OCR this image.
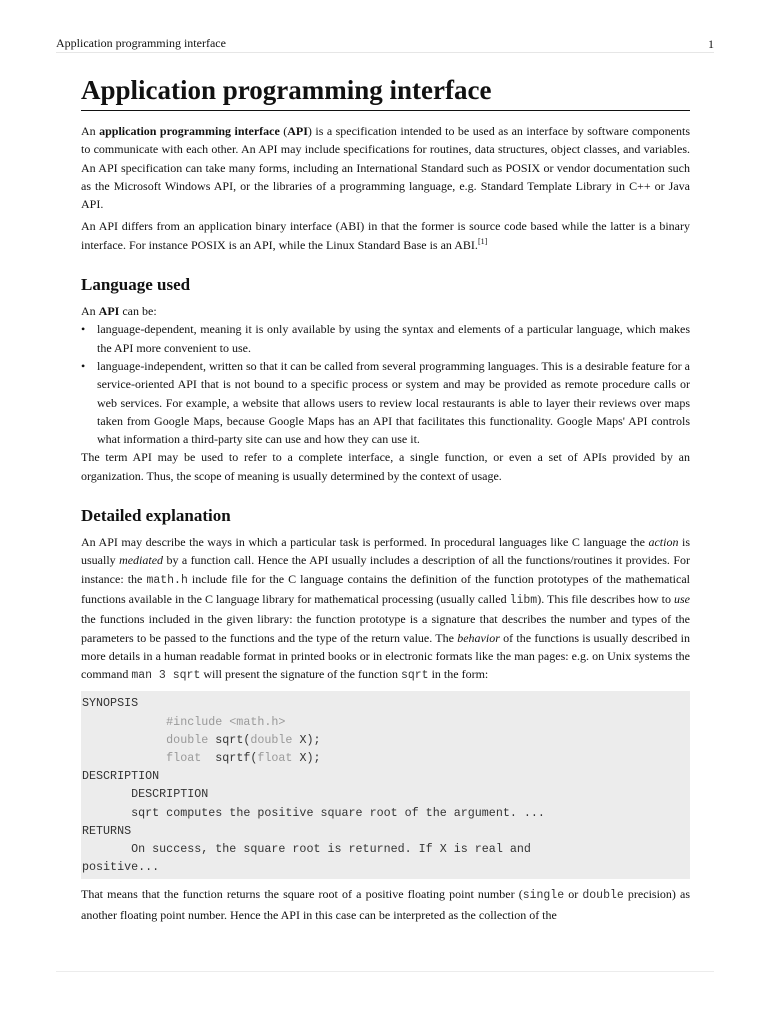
Application programming interface	1
Application programming interface

An application programming interface (API) is a specification intended to be used as an interface by software components to communicate with each other. An API may include specifications for routines, data structures, object classes, and variables. An API specification can take many forms, including an International Standard such as POSIX or vendor documentation such as the Microsoft Windows API, or the libraries of a programming language, e.g. Standard Template Library in C++ or Java API.

An API differs from an application binary interface (ABI) in that the former is source code based while the latter is a binary interface. For instance POSIX is an API, while the Linux Standard Base is an ABI.[1]

Language used

An API can be:

• language-dependent, meaning it is only available by using the syntax and elements of a particular language, which makes the API more convenient to use.
• language-independent, written so that it can be called from several programming languages. This is a desirable feature for a service-oriented API that is not bound to a specific process or system and may be provided as remote procedure calls or web services. For example, a website that allows users to review local restaurants is able to layer their reviews over maps taken from Google Maps, because Google Maps has an API that facilitates this functionality. Google Maps' API controls what information a third-party site can use and how they can use it.

The term API may be used to refer to a complete interface, a single function, or even a set of APIs provided by an organization. Thus, the scope of meaning is usually determined by the context of usage.

Detailed explanation

An API may describe the ways in which a particular task is performed. In procedural languages like C language the action is usually mediated by a function call. Hence the API usually includes a description of all the functions/routines it provides. For instance: the math.h include file for the C language contains the definition of the function prototypes of the mathematical functions available in the C language library for mathematical processing (usually called libm). This file describes how to use the functions included in the given library: the function prototype is a signature that describes the number and types of the parameters to be passed to the functions and the type of the return value. The behavior of the functions is usually described in more details in a human readable format in printed books or in electronic formats like the man pages: e.g. on Unix systems the command man 3 sqrt will present the signature of the function sqrt in the form:

SYNOPSIS
#include <math.h>
double sqrt(double X);
float  sqrtf(float X);
DESCRIPTION
DESCRIPTION
sqrt computes the positive square root of the argument. ...
RETURNS
On success, the square root is returned. If X is real and
positive...

That means that the function returns the square root of a positive floating point number (single or double precision) as another floating point number. Hence the API in this case can be interpreted as the collection of the
